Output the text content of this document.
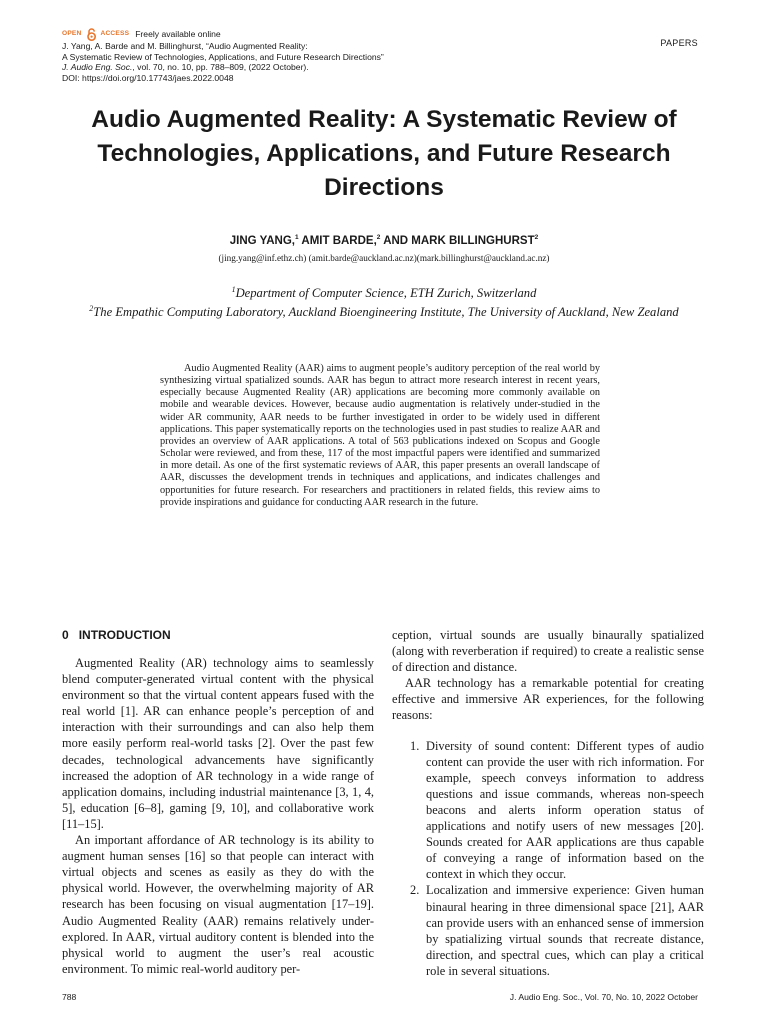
OPEN	ACCESS Freely available online
J. Yang, A. Barde and M. Billinghurst, “Audio Augmented Reality:
A Systematic Review of Technologies, Applications, and Future Research Directions”
J. Audio Eng. Soc., vol. 70, no. 10, pp. 788–809, (2022 October).
DOI: https://doi.org/10.17743/jaes.2022.0048
PAPERS
Audio Augmented Reality: A Systematic Review of Technologies, Applications, and Future Research Directions
JING YANG,$^1$ AMIT BARDE,$^2$ AND MARK BILLINGHURST$^2$
(jing.yang@inf.ethz.ch) (amit.barde@auckland.ac.nz)(mark.billinghurst@auckland.ac.nz)
$^1$Department of Computer Science, ETH Zurich, Switzerland
$^2$The Empathic Computing Laboratory, Auckland Bioengineering Institute, The University of Auckland, New Zealand

Audio Augmented Reality (AAR) aims to augment people’s auditory perception of the real world by synthesizing virtual spatialized sounds. AAR has begun to attract more research interest in recent years, especially because Augmented Reality (AR) applications are becoming more commonly available on mobile and wearable devices. However, because audio augmentation is relatively under-studied in the wider AR community, AAR needs to be further investigated in order to be widely used in different applications. This paper systematically reports on the technologies used in past studies to realize AAR and provides an overview of AAR applications. A total of 563 publications indexed on Scopus and Google Scholar were reviewed, and from these, 117 of the most impactful papers were identified and summarized in more detail. As one of the first systematic reviews of AAR, this paper presents an overall landscape of AAR, discusses the development trends in techniques and applications, and indicates challenges and opportunities for future research. For researchers and practitioners in related fields, this review aims to provide inspirations and guidance for conducting AAR research in the future.

0 INTRODUCTION

Augmented Reality (AR) technology aims to seamlessly blend computer-generated virtual content with the physical environment so that the virtual content appears fused with the real world [1]. AR can enhance people’s perception of and interaction with their surroundings and can also help them more easily perform real-world tasks [2]. Over the past few decades, technological advancements have significantly increased the adoption of AR technology in a wide range of application domains, including industrial maintenance [3, 1, 4, 5], education [6–8], gaming [9, 10], and collaborative work [11–15].

An important affordance of AR technology is its ability to augment human senses [16] so that people can interact with virtual objects and scenes as easily as they do with the physical world. However, the overwhelming majority of AR research has been focusing on visual augmentation [17–19]. Audio Augmented Reality (AAR) remains relatively under-explored. In AAR, virtual auditory content is blended into the physical world to augment the user’s real acoustic environment. To mimic real-world auditory per-

ception, virtual sounds are usually binaurally spatialized (along with reverberation if required) to create a realistic sense of direction and distance.

AAR technology has a remarkable potential for creating effective and immersive AR experiences, for the following reasons:

1. Diversity of sound content: Different types of audio content can provide the user with rich information. For example, speech conveys information to address questions and issue commands, whereas non-speech beacons and alerts inform operation status of applications and notify users of new messages [20]. Sounds created for AAR applications are thus capable of conveying a range of information based on the context in which they occur.
2. Localization and immersive experience: Given human binaural hearing in three dimensional space [21], AAR can provide users with an enhanced sense of immersion by spatializing virtual sounds that recreate distance, direction, and spectral cues, which can play a critical role in several situations.
788	J. Audio Eng. Soc., Vol. 70, No. 10, 2022 October
